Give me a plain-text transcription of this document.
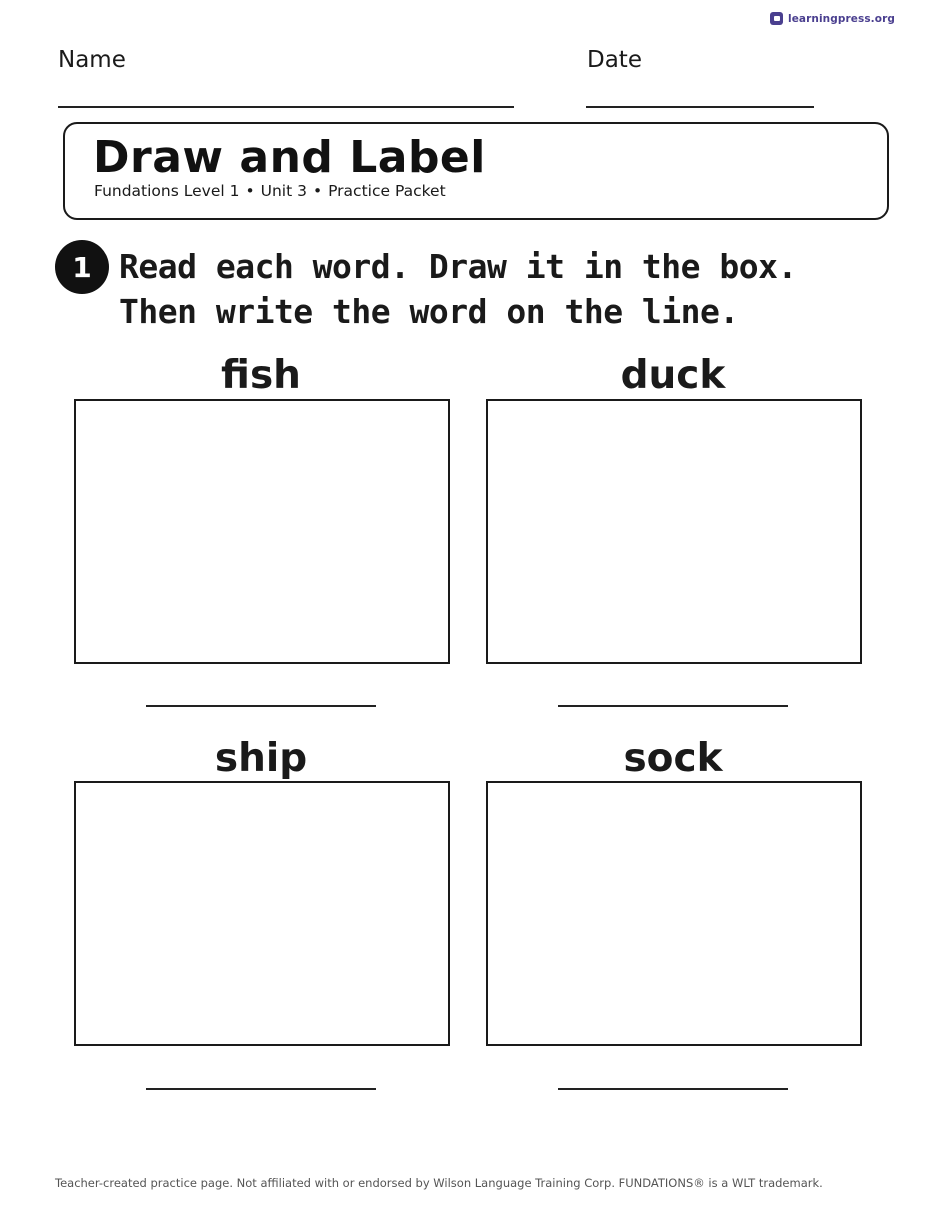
learningpress.org
Name	Date
Draw and Label
Fundations Level 1 • Unit 3 • Practice Packet
1 Read each word. Draw it in the box. Then write the word on the line.
fish	duck
ship	sock
Teacher-created practice page. Not affiliated with or endorsed by Wilson Language Training Corp. FUNDATIONS® is a WLT trademark.
